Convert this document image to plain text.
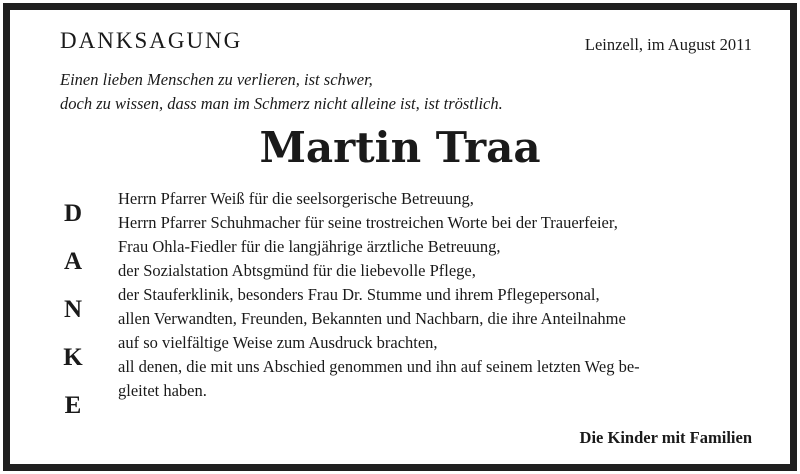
DANKSAGUNG	Leinzell, im August 2011
Einen lieben Menschen zu verlieren, ist schwer,
doch zu wissen, dass man im Schmerz nicht alleine ist, ist tröstlich.
Martin Traa
D
A
N
K
E
Herrn Pfarrer Weiß für die seelsorgerische Betreuung,
Herrn Pfarrer Schuhmacher für seine trostreichen Worte bei der Trauerfeier,
Frau Ohla-Fiedler für die langjährige ärztliche Betreuung,
der Sozialstation Abtsgmünd für die liebevolle Pflege,
der Stauferklinik, besonders Frau Dr. Stumme und ihrem Pflegepersonal,
allen Verwandten, Freunden, Bekannten und Nachbarn, die ihre Anteilnahme
auf so vielfältige Weise zum Ausdruck brachten,
all denen, die mit uns Abschied genommen und ihn auf seinem letzten Weg be-
gleitet haben.
Die Kinder mit Familien
